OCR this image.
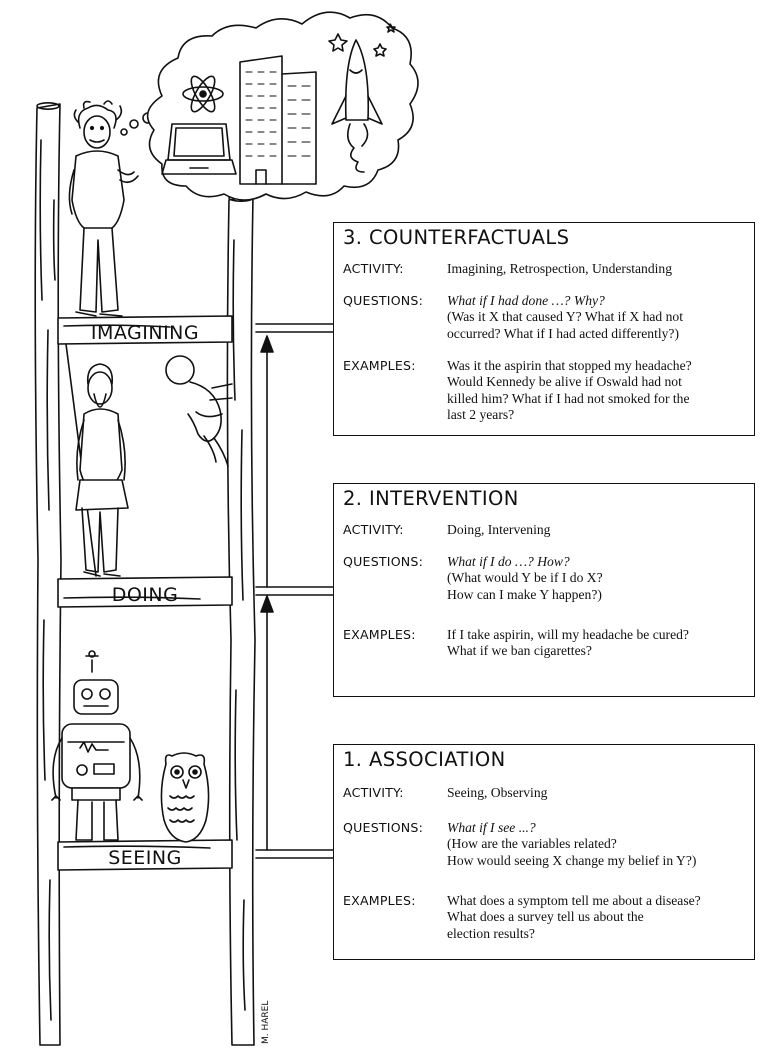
IMAGINING
DOING
SEEING
M. HAREL
3. COUNTERFACTUALS
ACTIVITY:	Imagining, Retrospection, Understanding
QUESTIONS: What if I had done …? Why?
(Was it X that caused Y? What if X had not
occurred? What if I had acted differently?)
EXAMPLES: Was it the aspirin that stopped my headache?
Would Kennedy be alive if Oswald had not
killed him? What if I had not smoked for the
last 2 years?
2. INTERVENTION
ACTIVITY:	Doing, Intervening
QUESTIONS: What if I do …? How?
(What would Y be if I do X?
How can I make Y happen?)
EXAMPLES: If I take aspirin, will my headache be cured?
What if we ban cigarettes?
1. ASSOCIATION
ACTIVITY:	Seeing, Observing
QUESTIONS: What if I see ...?
(How are the variables related?
How would seeing X change my belief in Y?)
EXAMPLES: What does a symptom tell me about a disease?
What does a survey tell us about the
election results?
